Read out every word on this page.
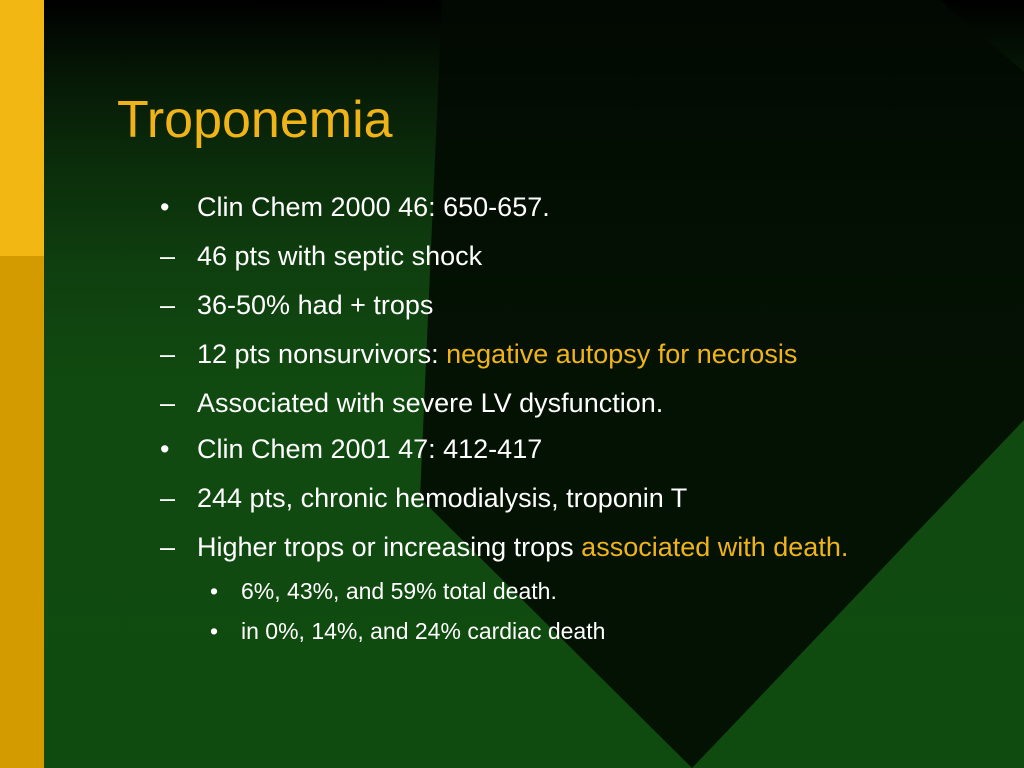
Troponemia
•	Clin Chem 2000 46: 650-657.
– 46 pts with septic shock
– 36-50% had + trops
– 12 pts nonsurvivors: negative autopsy for necrosis
– Associated with severe LV dysfunction.
•	Clin Chem 2001 47: 412-417
– 244 pts, chronic hemodialysis, troponin T
– Higher trops or increasing trops associated with death.
• 6%, 43%, and 59% total death.
• in 0%, 14%, and 24% cardiac death
